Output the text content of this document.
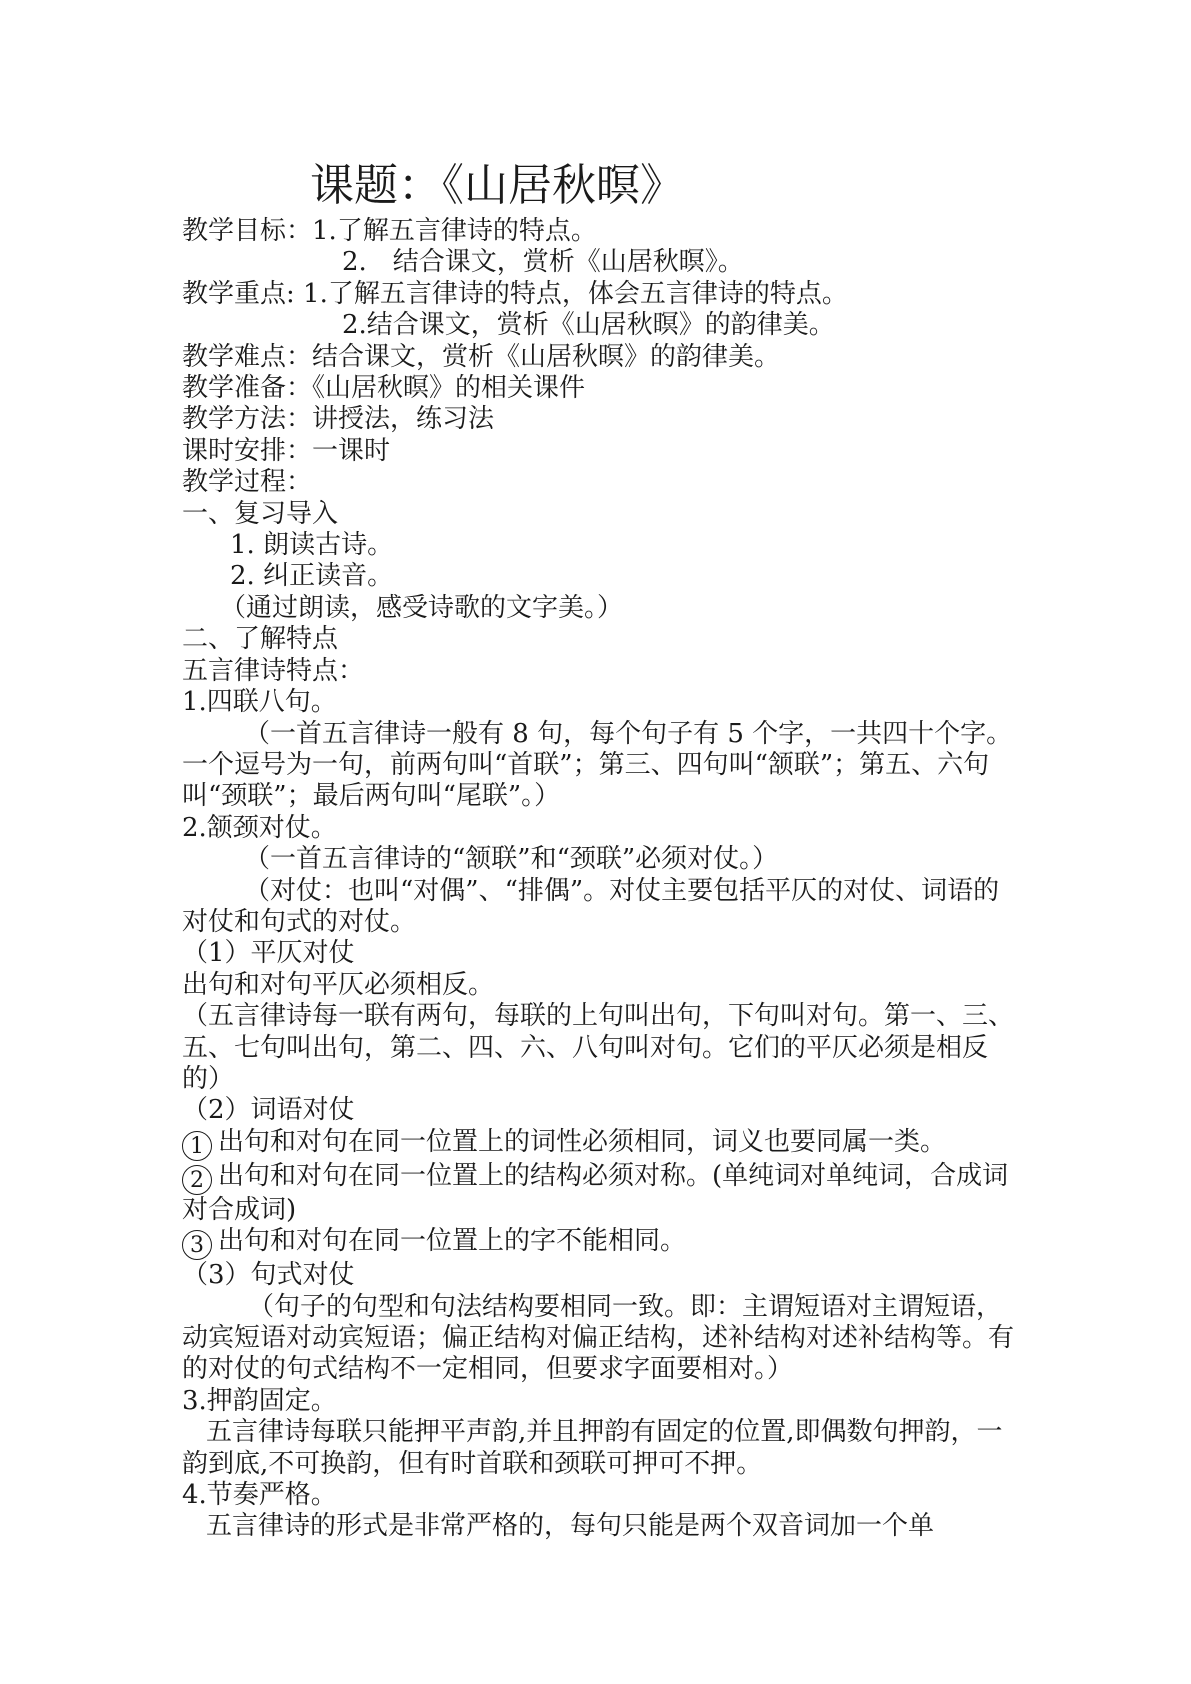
课题：《山居秋暝》

教学目标：1.了解五言律诗的特点。

2.　结合课文，赏析《山居秋暝》。

教学重点: 1.了解五言律诗的特点，体会五言律诗的特点。

2.结合课文，赏析《山居秋暝》的韵律美。

教学难点：结合课文，赏析《山居秋暝》的韵律美。

教学准备：《山居秋暝》的相关课件

教学方法：讲授法，练习法

课时安排：一课时

教学过程：

一、复习导入

1. 朗读古诗。

2. 纠正读音。

（通过朗读，感受诗歌的文字美。）

二、了解特点

五言律诗特点：

1.四联八句。

（一首五言律诗一般有 8 句，每个句子有 5 个字，一共四十个字。一个逗号为一句，前两句叫“首联”；第三、四句叫“颔联”；第五、六句叫“颈联”；最后两句叫“尾联”。）

2.颔颈对仗。

（一首五言律诗的“颔联”和“颈联”必须对仗。）

（对仗：也叫“对偶”、“排偶”。对仗主要包括平仄的对仗、词语的对仗和句式的对仗。

（1）平仄对仗

出句和对句平仄必须相反。

（五言律诗每一联有两句，每联的上句叫出句，下句叫对句。第一、三、五、七句叫出句，第二、四、六、八句叫对句。它们的平仄必须是相反的）

（2）词语对仗

1 出句和对句在同一位置上的词性必须相同，词义也要同属一类。

2 出句和对句在同一位置上的结构必须对称。(单纯词对单纯词，合成词对合成词)

3 出句和对句在同一位置上的字不能相同。

（3）句式对仗

（句子的句型和句法结构要相同一致。即：主谓短语对主谓短语，动宾短语对动宾短语；偏正结构对偏正结构，述补结构对述补结构等。有的对仗的句式结构不一定相同，但要求字面要相对。）

3.押韵固定。

五言律诗每联只能押平声韵,并且押韵有固定的位置,即偶数句押韵，一韵到底,不可换韵，但有时首联和颈联可押可不押。

4.节奏严格。

五言律诗的形式是非常严格的，每句只能是两个双音词加一个单
